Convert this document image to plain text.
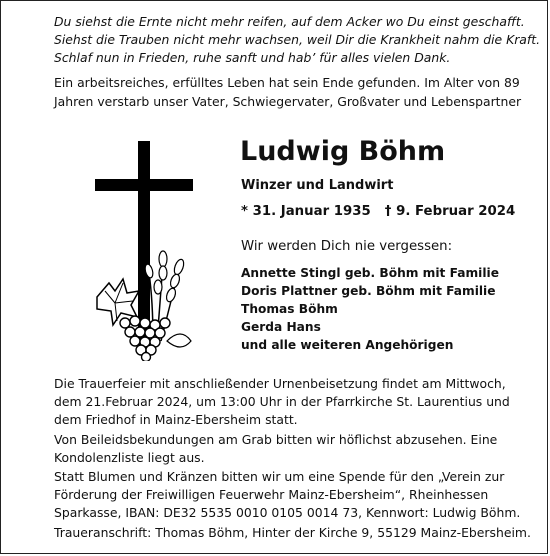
Du siehst die Ernte nicht mehr reifen, auf dem Acker wo Du einst geschafft.
Siehst die Trauben nicht mehr wachsen, weil Dir die Krankheit nahm die Kraft.
Schlaf nun in Frieden, ruhe sanft und hab’ für alles vielen Dank.
Ein arbeitsreiches, erfülltes Leben hat sein Ende gefunden. Im Alter von 89 Jahren verstarb unser Vater, Schwiegervater, Großvater und Lebenspartner
Ludwig Böhm
Winzer und Landwirt
* 31. Januar 1935 † 9. Februar 2024
Wir werden Dich nie vergessen:
Annette Stingl geb. Böhm mit Familie
Doris Plattner geb. Böhm mit Familie
Thomas Böhm
Gerda Hans
und alle weiteren Angehörigen
Die Trauerfeier mit anschließender Urnenbeisetzung findet am Mittwoch, dem 21.Februar 2024, um 13:00 Uhr in der Pfarrkirche St. Laurentius und dem Friedhof in Mainz-Ebersheim statt.
Von Beileidsbekundungen am Grab bitten wir höflichst abzusehen. Eine Kondolenzliste liegt aus.
Statt Blumen und Kränzen bitten wir um eine Spende für den „Verein zur Förderung der Freiwilligen Feuerwehr Mainz-Ebersheim“, Rheinhessen Sparkasse, IBAN: DE32 5535 0010 0105 0014 73, Kennwort: Ludwig Böhm.
Traueranschrift: Thomas Böhm, Hinter der Kirche 9, 55129 Mainz-Ebersheim.
